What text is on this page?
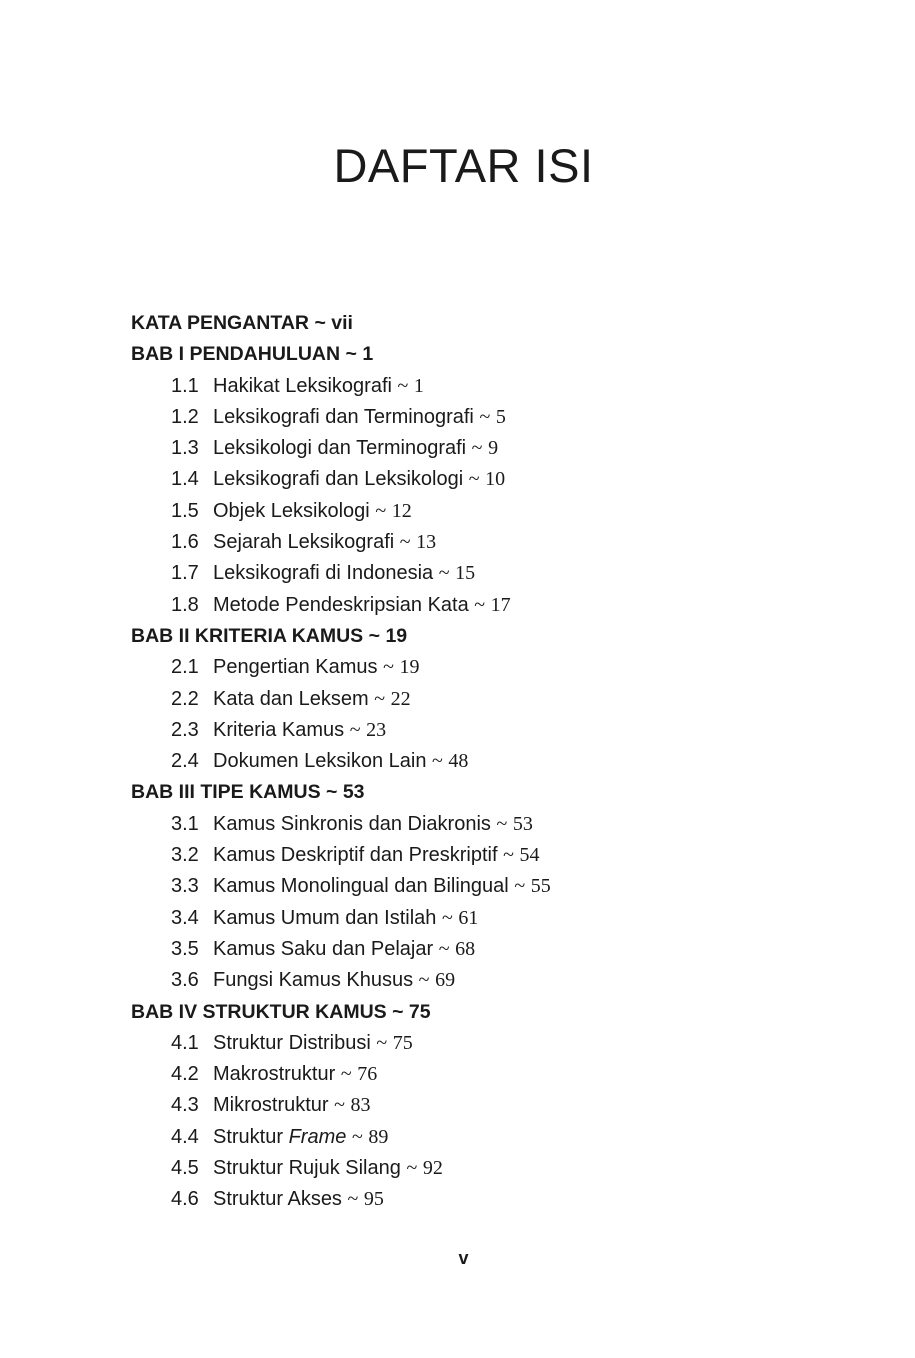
DAFTAR ISI
KATA PENGANTAR ~ vii
BAB I PENDAHULUAN ~ 1
1.1 Hakikat Leksikografi ~ 1
1.2 Leksikografi dan Terminografi ~ 5
1.3 Leksikologi dan Terminografi ~ 9
1.4 Leksikografi dan Leksikologi ~ 10
1.5 Objek Leksikologi ~ 12
1.6 Sejarah Leksikografi ~ 13
1.7 Leksikografi di Indonesia ~ 15
1.8 Metode Pendeskripsian Kata ~ 17
BAB II KRITERIA KAMUS ~ 19
2.1 Pengertian Kamus ~ 19
2.2 Kata dan Leksem ~ 22
2.3 Kriteria Kamus ~ 23
2.4 Dokumen Leksikon Lain ~ 48
BAB III TIPE KAMUS ~ 53
3.1 Kamus Sinkronis dan Diakronis ~ 53
3.2 Kamus Deskriptif dan Preskriptif ~ 54
3.3 Kamus Monolingual dan Bilingual ~ 55
3.4 Kamus Umum dan Istilah ~ 61
3.5 Kamus Saku dan Pelajar ~ 68
3.6 Fungsi Kamus Khusus ~ 69
BAB IV STRUKTUR KAMUS ~ 75
4.1 Struktur Distribusi ~ 75
4.2 Makrostruktur ~ 76
4.3 Mikrostruktur ~ 83
4.4 Struktur Frame ~ 89
4.5 Struktur Rujuk Silang ~ 92
4.6 Struktur Akses ~ 95
v
